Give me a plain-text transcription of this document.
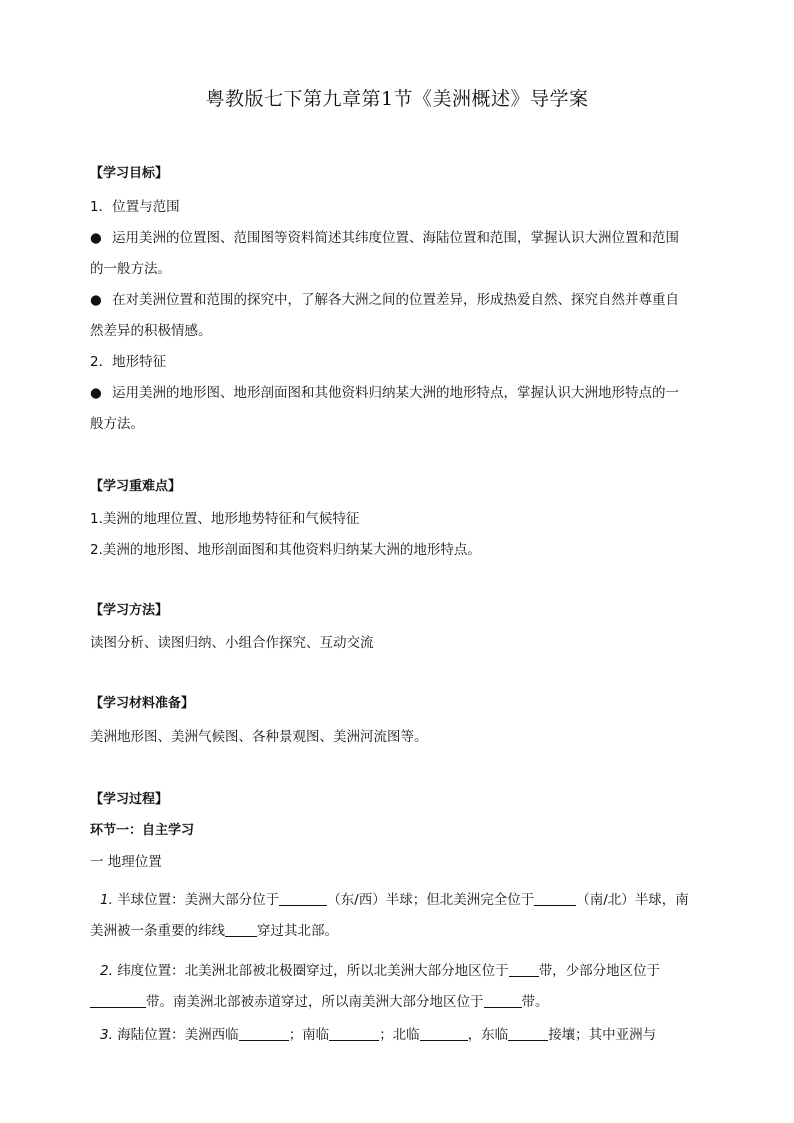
粤教版七下第九章第1节《美洲概述》导学案
【学习目标】
1．位置与范围
● 运用美洲的位置图、范围图等资料简述其纬度位置、海陆位置和范围，掌握认识大洲位置和范围
的一般方法。
● 在对美洲位置和范围的探究中，了解各大洲之间的位置差异，形成热爱自然、探究自然并尊重自
然差异的积极情感。
2．地形特征
● 运用美洲的地形图、地形剖面图和其他资料归纳某大洲的地形特点，掌握认识大洲地形特点的一
般方法。
【学习重难点】
1.美洲的地理位置、地形地势特征和气候特征
2.美洲的地形图、地形剖面图和其他资料归纳某大洲的地形特点。
【学习方法】
读图分析、读图归纳、小组合作探究、互动交流
【学习材料准备】
美洲地形图、美洲气候图、各种景观图、美洲河流图等。
【学习过程】
环节一：自主学习
一 地理位置
1. 半球位置：美洲大部分位于	（东/西）半球；但北美洲完全位于	（南/北）半球，南
美洲被一条重要的纬线 穿过其北部。
2. 纬度位置：北美洲北部被北极圈穿过，所以北美洲大部分地区位于 带，少部分地区位于
带。南美洲北部被赤道穿过，所以南美洲大部分地区位于	带。
3. 海陆位置：美洲西临	；南临	；北临	，东临	接壤；其中亚洲与
